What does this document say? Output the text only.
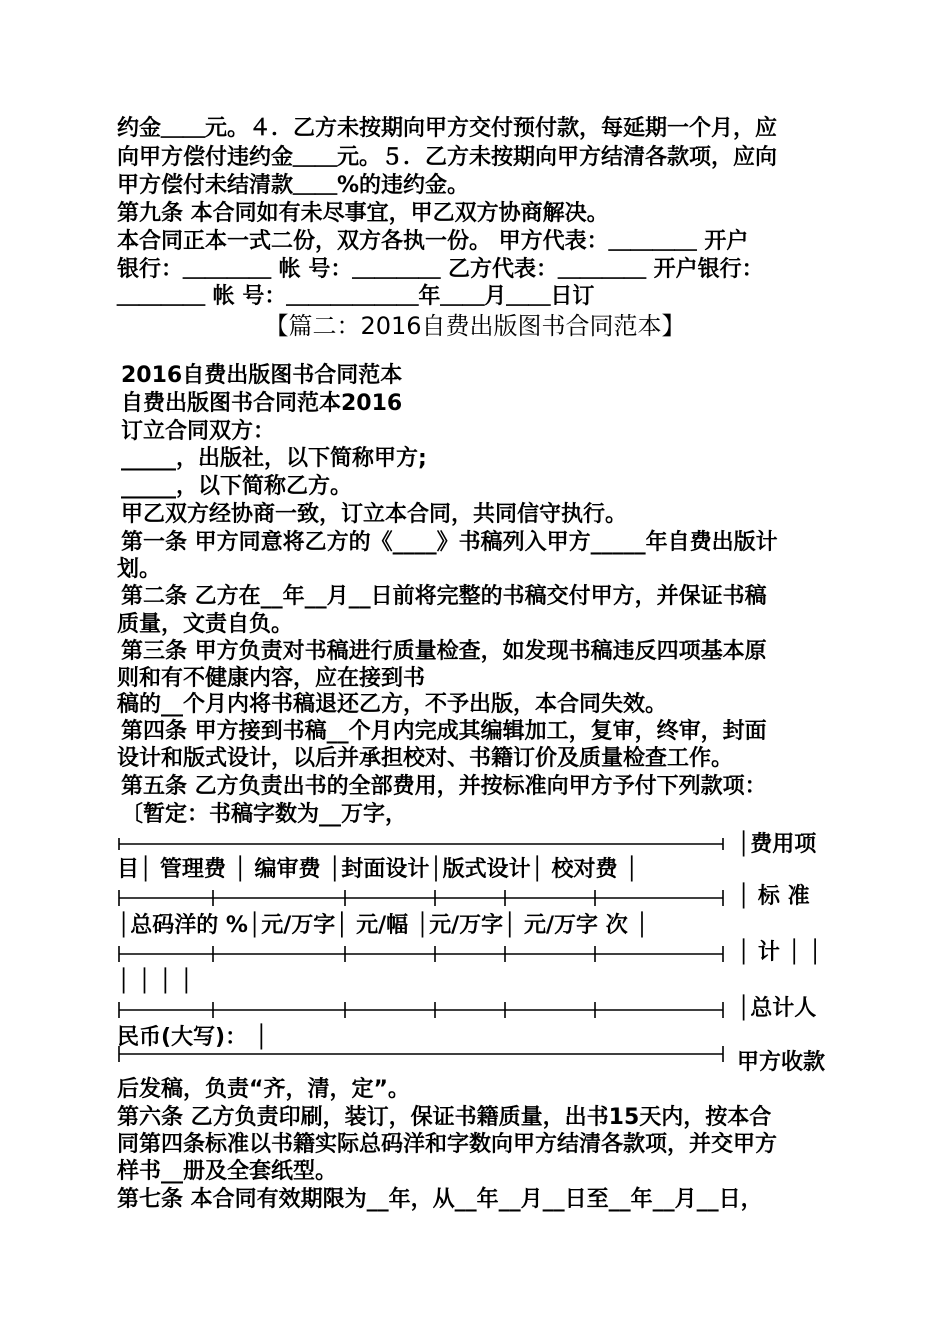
约金＿＿元。４．乙方未按期向甲方交付预付款，每延期一个月，应
向甲方偿付违约金＿＿元。５．乙方未按期向甲方结清各款项，应向
甲方偿付未结清款＿＿%的违约金。
第九条 本合同如有未尽事宜，甲乙双方协商解决。
本合同正本一式二份，双方各执一份。 甲方代表：＿＿＿＿ 开户
银行：＿＿＿＿ 帐 号：＿＿＿＿ 乙方代表：＿＿＿＿ 开户银行：
＿＿＿＿ 帐 号：＿＿＿＿＿＿年＿＿月＿＿日订
【篇二：2016自费出版图书合同范本】
2016自费出版图书合同范本
自费出版图书合同范本2016
订立合同双方：
_____，出版社，以下简称甲方;
_____，以下简称乙方。
甲乙双方经协商一致，订立本合同，共同信守执行。
第一条 甲方同意将乙方的《____》书稿列入甲方_____年自费出版计
划。
第二条 乙方在__年__月__日前将完整的书稿交付甲方，并保证书稿
质量，文责自负。
第三条 甲方负责对书稿进行质量检查，如发现书稿违反四项基本原
则和有不健康内容，应在接到书
稿的__个月内将书稿退还乙方，不予出版，本合同失效。
第四条 甲方接到书稿__个月内完成其编辑加工，复审，终审，封面
设计和版式设计，以后并承担校对、书籍订价及质量检查工作。
第五条 乙方负责出书的全部费用，并按标准向甲方予付下列款项：
〔暂定：书稿字数为__万字，
│费用项
目│ 管理费 │ 编审费 │封面设计│版式设计│ 校对费 │
│ 标 准
│总码洋的 %│元/万字│ 元/幅 │元/万字│ 元/万字 次 │
│ 计 │ │
│ │ │ │
│总计人
民币(大写)： │
甲方收款
后发稿，负责“齐，清，定”。
第六条 乙方负责印刷，装订，保证书籍质量，出书15天内，按本合
同第四条标准以书籍实际总码洋和字数向甲方结清各款项，并交甲方
样书__册及全套纸型。
第七条 本合同有效期限为__年，从__年__月__日至__年__月__日，
